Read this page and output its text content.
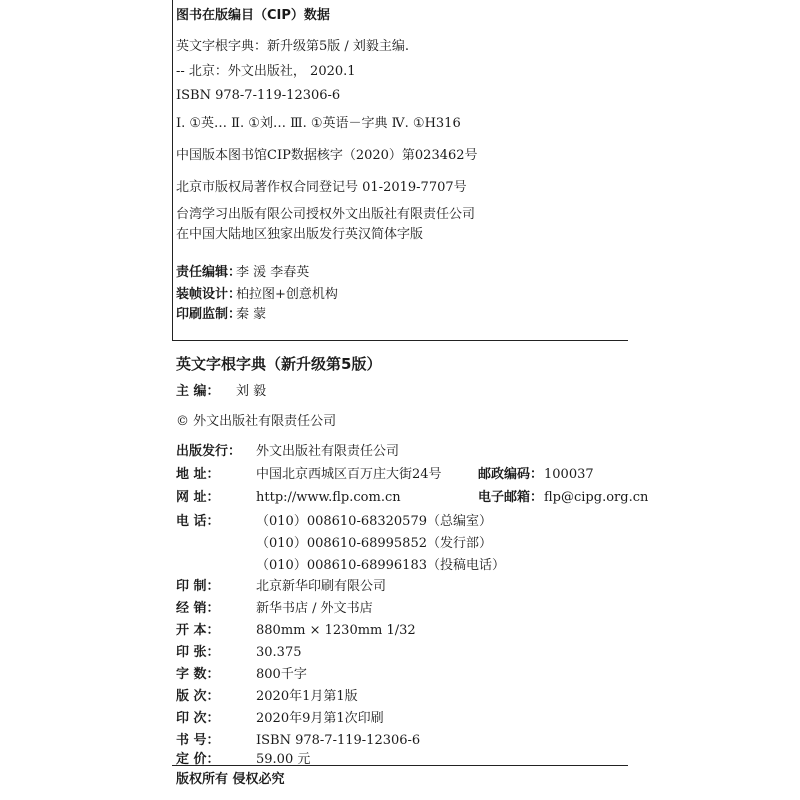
图书在版编目（CIP）数据
英文字根字典：新升级第5版 / 刘毅主编.
-- 北京：外文出版社， 2020.1
ISBN 978-7-119-12306-6
Ⅰ. ①英… Ⅱ. ①刘… Ⅲ. ①英语－字典 Ⅳ. ①H316
中国版本图书馆CIP数据核字（2020）第023462号
北京市版权局著作权合同登记号 01-2019-7707号
台湾学习出版有限公司授权外文出版社有限责任公司
在中国大陆地区独家出版发行英汉简体字版
责任编辑：
李 湲 李春英
装帧设计：
柏拉图+创意机构
印刷监制：
秦 蒙
英文字根字典（新升级第5版）
主 编： 刘 毅
© 外文出版社有限责任公司
出版发行： 外文出版社有限责任公司
地 址：	中国北京西城区百万庄大街24号	邮政编码： 100037
网 址：	http://www.flp.com.cn	电子邮箱： flp@cipg.org.cn
电 话：	（010）008610-68320579（总编室）
（010）008610-68995852（发行部）
（010）008610-68996183（投稿电话）
印 制：	北京新华印刷有限公司
经 销：	新华书店 / 外文书店
开 本：	880mm × 1230mm 1/32
印 张：	30.375
字 数：	800千字
版 次：	2020年1月第1版
印 次：	2020年9月第1次印刷
书 号：	ISBN 978-7-119-12306-6
定 价：	59.00 元
版权所有 侵权必究
